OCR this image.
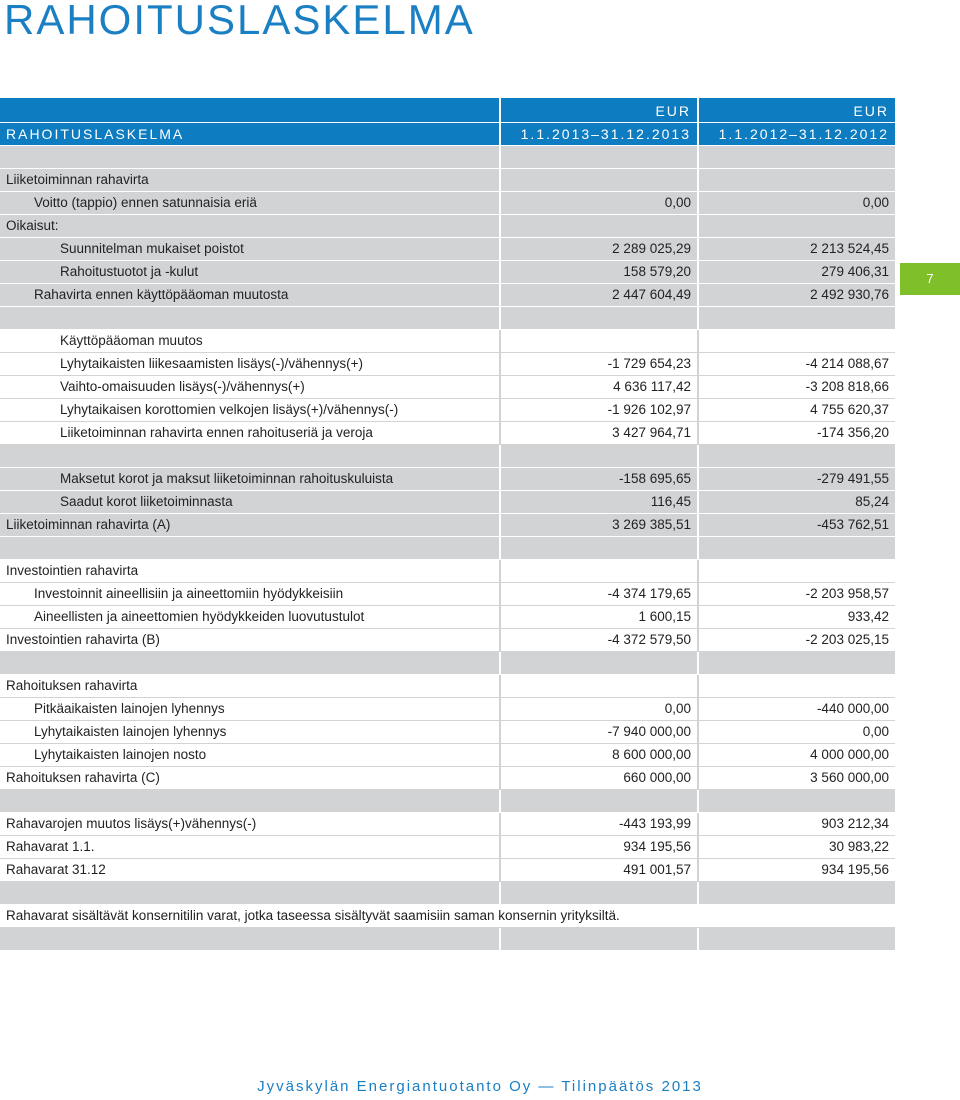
RAHOITUSLASKELMA
	EUR	EUR
RAHOITUSLASKELMA	1.1.2013–31.12.2013	1.1.2012–31.12.2012

Liiketoiminnan rahavirta		
Voitto (tappio) ennen satunnaisia eriä	0,00	0,00
Oikaisut:		
Suunnitelman mukaiset poistot	2 289 025,29	2 213 524,45
Rahoitustuotot ja -kulut	158 579,20	279 406,31
Rahavirta ennen käyttöpääoman muutosta	2 447 604,49	2 492 930,76

Käyttöpääoman muutos		
Lyhytaikaisten liikesaamisten lisäys(-)/vähennys(+)	-1 729 654,23	-4 214 088,67
Vaihto-omaisuuden lisäys(-)/vähennys(+)	4 636 117,42	-3 208 818,66
Lyhytaikaisen korottomien velkojen lisäys(+)/vähennys(-)	-1 926 102,97	4 755 620,37
Liiketoiminnan rahavirta ennen rahoituseriä ja veroja	3 427 964,71	-174 356,20

Maksetut korot ja maksut liiketoiminnan rahoituskuluista	-158 695,65	-279 491,55
Saadut korot liiketoiminnasta	116,45	85,24
Liiketoiminnan rahavirta (A)	3 269 385,51	-453 762,51

Investointien rahavirta		
Investoinnit aineellisiin ja aineettomiin hyödykkeisiin	-4 374 179,65	-2 203 958,57
Aineellisten ja aineettomien hyödykkeiden luovutustulot	1 600,15	933,42
Investointien rahavirta (B)	-4 372 579,50	-2 203 025,15

Rahoituksen rahavirta		
Pitkäaikaisten lainojen lyhennys	0,00	-440 000,00
Lyhytaikaisten lainojen lyhennys	-7 940 000,00	0,00
Lyhytaikaisten lainojen nosto	8 600 000,00	4 000 000,00
Rahoituksen rahavirta (C)	660 000,00	3 560 000,00

Rahavarojen muutos lisäys(+)vähennys(-)	-443 193,99	903 212,34
Rahavarat 1.1.	934 195,56	30 983,22
Rahavarat 31.12	491 001,57	934 195,56

Rahavarat sisältävät konsernitilin varat, jotka taseessa sisältyvät saamisiin saman konsernin yrityksiltä.		

7
Jyväskylän Energiantuotanto Oy — Tilinpäätös 2013
